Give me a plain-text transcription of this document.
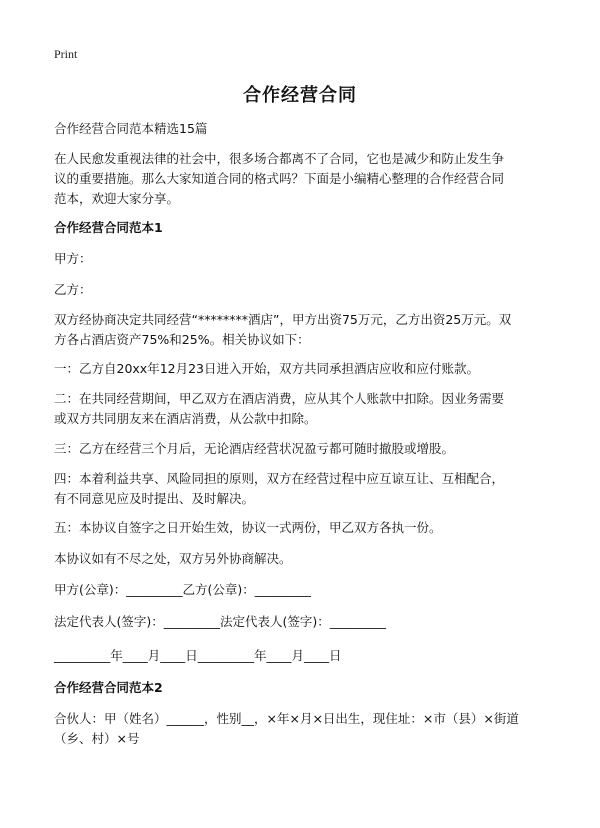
Print
合作经营合同
合作经营合同范本精选15篇
在人民愈发重视法律的社会中，很多场合都离不了合同，它也是减少和防止发生争
议的重要措施。那么大家知道合同的格式吗？下面是小编精心整理的合作经营合同
范本，欢迎大家分享。
合作经营合同范本1
甲方：
乙方：
双方经协商决定共同经营“********酒店”，甲方出资75万元，乙方出资25万元。双
方各占酒店资产75%和25%。相关协议如下：
一：乙方自20xx年12月23日进入开始，双方共同承担酒店应收和应付账款。
二：在共同经营期间，甲乙双方在酒店消费，应从其个人账款中扣除。因业务需要
或双方共同朋友来在酒店消费，从公款中扣除。
三：乙方在经营三个月后，无论酒店经营状况盈亏都可随时撤股或增股。
四：本着利益共享、风险同担的原则，双方在经营过程中应互谅互让、互相配合，
有不同意见应及时提出、及时解决。
五：本协议自签字之日开始生效，协议一式两份，甲乙双方各执一份。
本协议如有不尽之处，双方另外协商解决。
甲方(公章)：_________乙方(公章)：_________
法定代表人(签字)：_________法定代表人(签字)：_________
_________年____月____日_________年____月____日
合作经营合同范本2
合伙人：甲（姓名）______，性别__，×年×月×日出生，现住址：×市（县）×街道
（乡、村）×号
